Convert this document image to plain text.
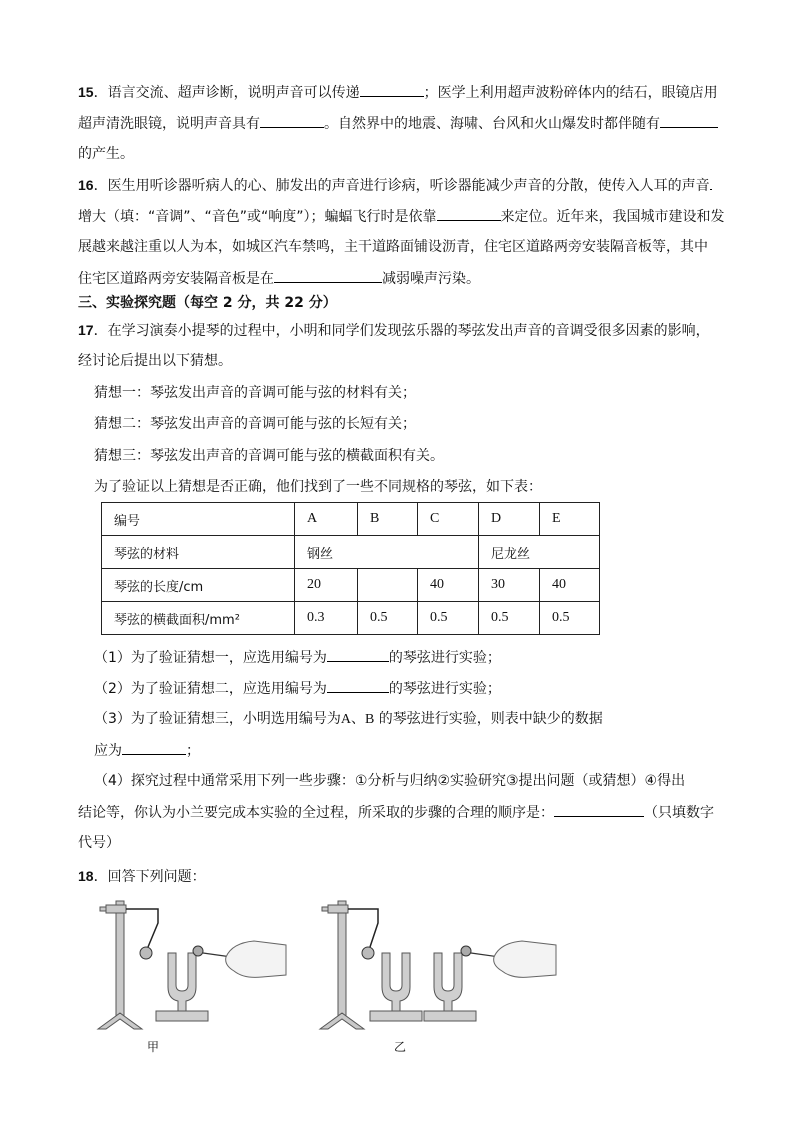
15．语言交流、超声诊断，说明声音可以传递	；医学上利用超声波粉碎体内的结石，眼镜店用
超声清洗眼镜，说明声音具有	。自然界中的地震、海啸、台风和火山爆发时都伴随有
的产生。
16．医生用听诊器听病人的心、肺发出的声音进行诊病，听诊器能减少声音的分散，使传入人耳的声音
增大（填：“音调”、“音色”或“响度”）；蝙蝠飞行时是依靠	来定位。近年来，我国城市建设和发
展越来越注重以人为本，如城区汽车禁鸣，主干道路面铺设沥青，住宅区道路两旁安装隔音板等，其中
住宅区道路两旁安装隔音板是在	减弱噪声污染。
三、实验探究题（每空 2 分，共 22 分）
17．在学习演奏小提琴的过程中，小明和同学们发现弦乐器的琴弦发出声音的音调受很多因素的影响，
经讨论后提出以下猜想。
猜想一：琴弦发出声音的音调可能与弦的材料有关；
猜想二：琴弦发出声音的音调可能与弦的长短有关；
猜想三：琴弦发出声音的音调可能与弦的横截面积有关。
为了验证以上猜想是否正确，他们找到了一些不同规格的琴弦，如下表：
编号	A	B	C	D	E
琴弦的材料	钢丝			尼龙丝	
琴弦的长度/cm	20		40	30	40
琴弦的横截面积/mm²	0.3	0.5	0.5	0.5	0.5
（1）为了验证猜想一，应选用编号为	的琴弦进行实验；
（2）为了验证猜想二，应选用编号为	的琴弦进行实验；
（3）为了验证猜想三，小明选用编号为A、B 的琴弦进行实验，则表中缺少的数据
应为	；
（4）探究过程中通常采用下列一些步骤：①分析与归纳②实验研究③提出问题（或猜想）④得出
结论等，你认为小兰要完成本实验的全过程，所采取的步骤的合理的顺序是：	（只填数字
代号）
18．回答下列问题：
甲	乙
